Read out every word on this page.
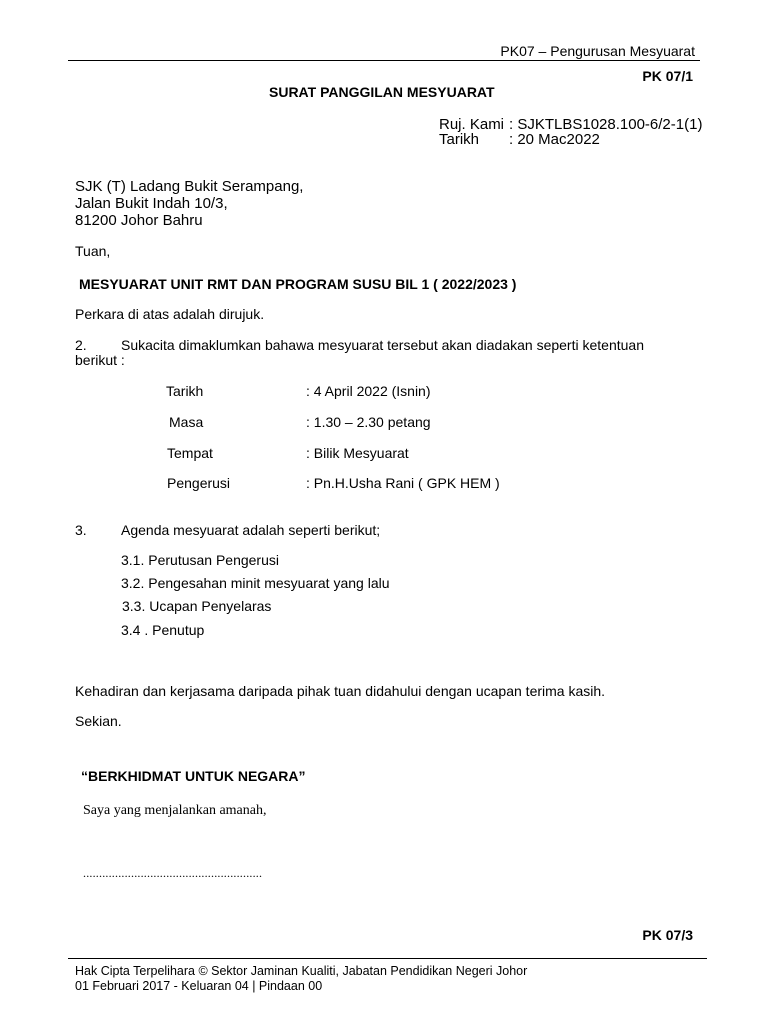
PK07 – Pengurusan Mesyuarat
PK 07/1
SURAT PANGGILAN MESYUARAT
Ruj. Kami : SJKTLBS1028.100-6/2-1(1)
Tarikh : 20 Mac2022
SJK (T) Ladang Bukit Serampang,
Jalan Bukit Indah 10/3,
81200 Johor Bahru
Tuan,
MESYUARAT UNIT RMT DAN PROGRAM SUSU BIL 1 ( 2022/2023 )
Perkara di atas adalah dirujuk.
2. Sukacita dimaklumkan bahawa mesyuarat tersebut akan diadakan seperti ketentuan
berikut :
Tarikh	: 4 April 2022 (Isnin)
Masa	: 1.30 – 2.30 petang
Tempat	: Bilik Mesyuarat
Pengerusi	: Pn.H.Usha Rani ( GPK HEM )
3. Agenda mesyuarat adalah seperti berikut;
3.1. Perutusan Pengerusi
3.2. Pengesahan minit mesyuarat yang lalu
3.3. Ucapan Penyelaras
3.4 . Penutup
Kehadiran dan kerjasama daripada pihak tuan didahului dengan ucapan terima kasih.
Sekian.
“BERKHIDMAT UNTUK NEGARA”
Saya yang menjalankan amanah,
........................................................
PK 07/3
Hak Cipta Terpelihara © Sektor Jaminan Kualiti, Jabatan Pendidikan Negeri Johor
01 Februari 2017 - Keluaran 04 | Pindaan 00
